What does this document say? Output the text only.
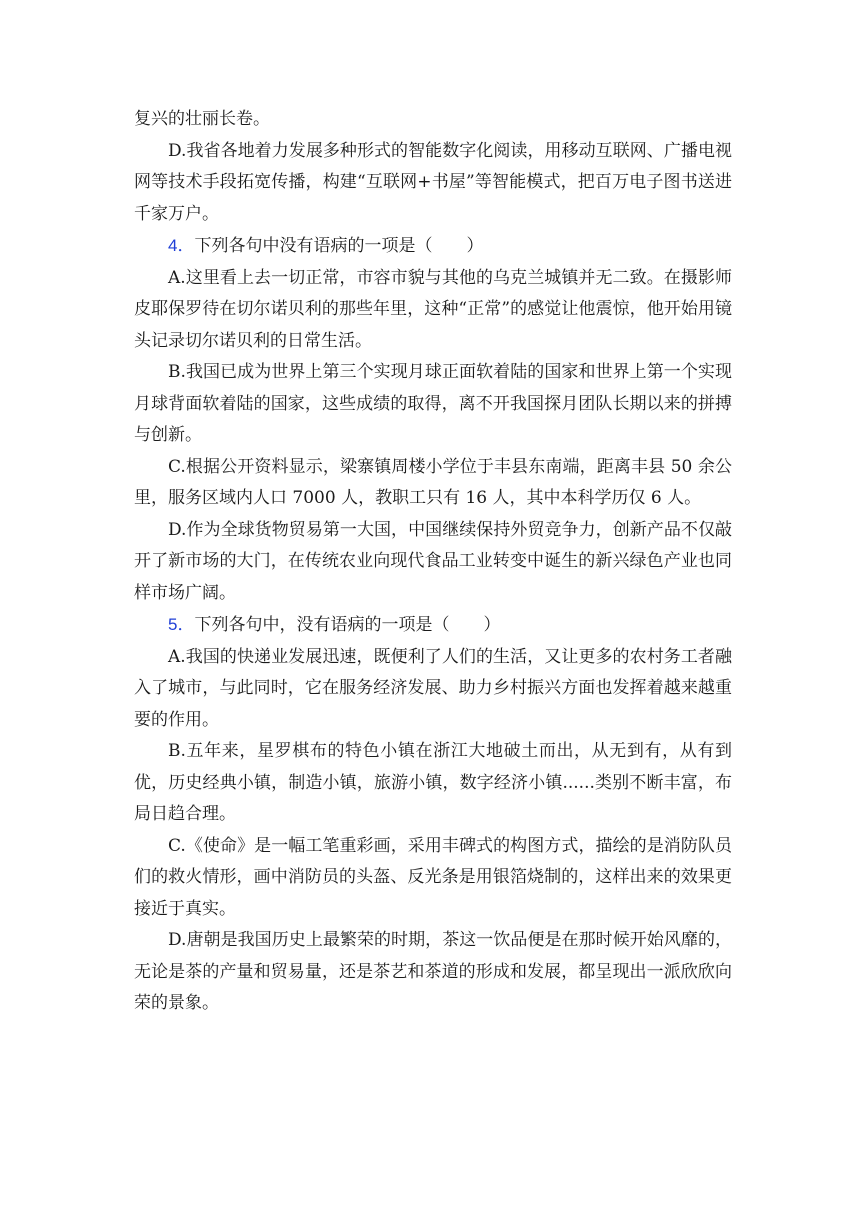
复兴的壮丽长卷。

D.我省各地着力发展多种形式的智能数字化阅读，用移动互联网、广播电视网等技术手段拓宽传播，构建“互联网+书屋”等智能模式，把百万电子图书送进千家万户。

4．下列各句中没有语病的一项是（　　）

A.这里看上去一切正常，市容市貌与其他的乌克兰城镇并无二致。在摄影师皮耶保罗待在切尔诺贝利的那些年里，这种“正常”的感觉让他震惊，他开始用镜头记录切尔诺贝利的日常生活。

B.我国已成为世界上第三个实现月球正面软着陆的国家和世界上第一个实现月球背面软着陆的国家，这些成绩的取得，离不开我国探月团队长期以来的拼搏与创新。

C.根据公开资料显示，梁寨镇周楼小学位于丰县东南端，距离丰县 50 余公里，服务区域内人口 7000 人，教职工只有 16 人，其中本科学历仅 6 人。

D.作为全球货物贸易第一大国，中国继续保持外贸竞争力，创新产品不仅敲开了新市场的大门，在传统农业向现代食品工业转变中诞生的新兴绿色产业也同样市场广阔。

5．下列各句中，没有语病的一项是（　　）

A.我国的快递业发展迅速，既便利了人们的生活，又让更多的农村务工者融入了城市，与此同时，它在服务经济发展、助力乡村振兴方面也发挥着越来越重要的作用。

B.五年来，星罗棋布的特色小镇在浙江大地破土而出，从无到有，从有到优，历史经典小镇，制造小镇，旅游小镇，数字经济小镇......类别不断丰富，布局日趋合理。

C.《使命》是一幅工笔重彩画，采用丰碑式的构图方式，描绘的是消防队员们的救火情形，画中消防员的头盔、反光条是用银箔烧制的，这样出来的效果更接近于真实。

D.唐朝是我国历史上最繁荣的时期，茶这一饮品便是在那时候开始风靡的，无论是茶的产量和贸易量，还是茶艺和茶道的形成和发展，都呈现出一派欣欣向荣的景象。
